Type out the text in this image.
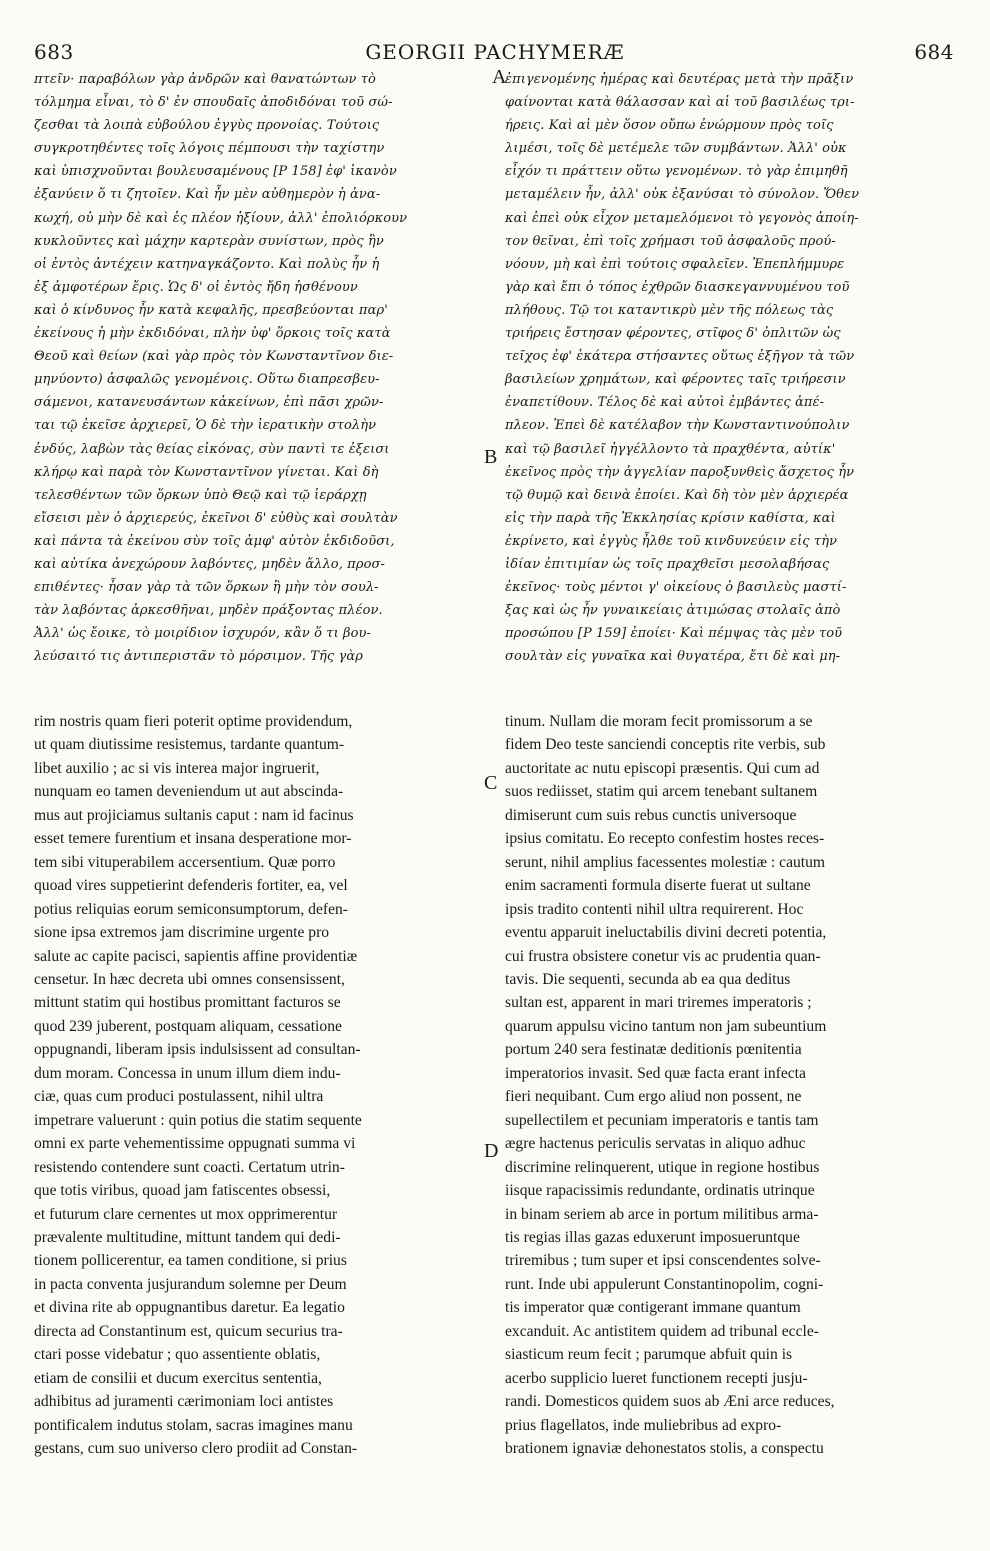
683	GEORGII PACHYMERÆ	684
πτεῖν· παραβόλων γὰρ ἀνδρῶν καὶ θανατώντων τὸ
τόλμημα εἶναι, τὸ δ' ἐν σπουδαῖς ἀποδιδόναι τοῦ σώ-
ζεσθαι τὰ λοιπὰ εὐβούλου ἐγγὺς προνοίας. Τούτοις
συγκροτηθέντες τοῖς λόγοις πέμπουσι τὴν ταχίστην
καὶ ὑπισχνοῦνται βουλευσαμένους [P 158] ἐφ' ἱκανὸν
ἐξανύειν ὅ τι ζητοῖεν. Καὶ ἦν μὲν αὐθημερὸν ἡ ἀνα-
κωχή, οὐ μὴν δὲ καὶ ἐς πλέον ἠξίουν, ἀλλ' ἐπολιόρκουν
κυκλοῦντες καὶ μάχην καρτερὰν συνίστων, πρὸς ἣν
οἱ ἐντὸς ἀντέχειν κατηναγκάζοντο. Καὶ πολὺς ἦν ἡ
ἐξ ἀμφοτέρων ἔρις. Ὡς δ' οἱ ἐντὸς ἤδη ἠσθένουν
καὶ ὁ κίνδυνος ἦν κατὰ κεφαλῆς, πρεσβεύονται παρ'
ἐκείνους ἡ μὴν ἐκδιδόναι, πλὴν ὑφ' ὅρκοις τοῖς κατὰ
Θεοῦ καὶ θείων (καὶ γὰρ πρὸς τὸν Κωνσταντῖνον διε-
μηνύοντο) ἀσφαλῶς γενομένοις. Οὕτω διαπρεσβευ-
σάμενοι, κατανευσάντων κἀκείνων, ἐπὶ πᾶσι χρῶν-
ται τῷ ἐκεῖσε ἀρχιερεῖ, Ὁ δὲ τὴν ἱερατικὴν στολὴν
ἐνδύς, λαβὼν τὰς θείας εἰκόνας, σὺν παντὶ τε ἐξεισι
κλήρῳ καὶ παρὰ τὸν Κωνσταντῖνον γίνεται. Καὶ δὴ
τελεσθέντων τῶν ὅρκων ὑπὸ Θεῷ καὶ τῷ ἱεράρχῃ
εἴσεισι μὲν ὁ ἀρχιερεύς, ἐκεῖνοι δ' εὐθὺς καὶ σουλτὰν
καὶ πάντα τὰ ἐκείνου σὺν τοῖς ἀμφ' αὐτὸν ἐκδιδοῦσι,
καὶ αὐτίκα ἀνεχώρουν λαβόντες, μηδὲν ἄλλο, προσ-
επιθέντες· ἦσαν γὰρ τὰ τῶν ὅρκων ἢ μὴν τὸν σουλ-
τὰν λαβόντας ἀρκεσθῆναι, μηδὲν πράξοντας πλέον.
Ἀλλ' ὡς ἔοικε, τὸ μοιρίδιον ἰσχυρόν, κἂν ὅ τι βου-
λεύσαιτό τις ἀντιπεριστᾶν τὸ μόρσιμον. Τῆς γὰρ
ἐπιγενομένης ἡμέρας καὶ δευτέρας μετὰ τὴν πρᾶξιν
φαίνονται κατὰ θάλασσαν καὶ αἱ τοῦ βασιλέως τρι-
ήρεις. Καὶ αἱ μὲν ὅσον οὔπω ἐνώρμουν πρὸς τοῖς
λιμέσι, τοῖς δὲ μετέμελε τῶν συμβάντων. Ἀλλ' οὐκ
εἶχόν τι πράττειν οὕτω γενομένων. τὸ γὰρ ἐπιμηθῆ
μεταμέλειν ἦν, ἀλλ' οὐκ ἐξανύσαι τὸ σύνολον. Ὅθεν
καὶ ἐπεὶ οὐκ εἶχον μεταμελόμενοι τὸ γεγονὸς ἀποίη-
τον θεῖναι, ἐπὶ τοῖς χρήμασι τοῦ ἀσφαλοῦς πρού-
νόουν, μὴ καὶ ἐπὶ τούτοις σφαλεῖεν. Ἐπεπλήμμυρε
γὰρ καὶ ἔπι ὁ τόπος ἐχθρῶν διασκεγαννυμένου τοῦ
πλήθους. Τῷ τοι καταντικρὺ μὲν τῆς πόλεως τὰς
τριήρεις ἔστησαν φέροντες, στῖφος δ' ὁπλιτῶν ὡς
τεῖχος ἐφ' ἑκάτερα στήσαντες οὕτως ἐξῆγον τὰ τῶν
βασιλείων χρημάτων, καὶ φέροντες ταῖς τριήρεσιν
ἐναπετίθουν. Τέλος δὲ καὶ αὐτοὶ ἐμβάντες ἀπέ-
πλεον. Ἐπεὶ δὲ κατέλαβον τὴν Κωνσταντινούπολιν
καὶ τῷ βασιλεῖ ἠγγέλλοντο τὰ πραχθέντα, αὐτίκ'
ἐκεῖνος πρὸς τὴν ἀγγελίαν παροξυνθεὶς ἄσχετος ἦν
τῷ θυμῷ καὶ δεινὰ ἐποίει. Καὶ δὴ τὸν μὲν ἀρχιερέα
εἰς τὴν παρὰ τῆς Ἐκκλησίας κρίσιν καθίστα, καὶ
ἐκρίνετο, καὶ ἐγγὺς ἦλθε τοῦ κινδυνεύειν εἰς τὴν
ἰδίαν ἐπιτιμίαν ὡς τοῖς πραχθεῖσι μεσολαβήσας
ἐκεῖνος· τοὺς μέντοι γ' οἰκείους ὁ βασιλεὺς μαστί-
ξας καὶ ὡς ἦν γυναικείαις ἀτιμώσας στολαῖς ἀπὸ
προσώπου [P 159] ἐποίει· Καὶ πέμψας τὰς μὲν τοῦ
σουλτὰν εἰς γυναῖκα καὶ θυγατέρα, ἔτι δὲ καὶ μη-
rim nostris quam fieri poterit optime providendum,
ut quam diutissime resistemus, tardante quantum-
libet auxilio ; ac si vis interea major ingruerit,
nunquam eo tamen deveniendum ut aut abscinda-
mus aut projiciamus sultanis caput : nam id facinus
esset temere furentium et insana desperatione mor-
tem sibi vituperabilem accersentium. Quæ porro
quoad vires suppetierint defenderis fortiter, ea, vel
potius reliquias eorum semiconsumptorum, defen-
sione ipsa extremos jam discrimine urgente pro
salute ac capite pacisci, sapientis affine providentiæ
censetur. In hæc decreta ubi omnes consensissent,
mittunt statim qui hostibus promittant facturos se
quod 239 juberent, postquam aliquam, cessatione
oppugnandi, liberam ipsis indulsissent ad consultan-
dum moram. Concessa in unum illum diem indu-
ciæ, quas cum produci postulassent, nihil ultra
impetrare valuerunt : quin potius die statim sequente
omni ex parte vehementissime oppugnati summa vi
resistendo contendere sunt coacti. Certatum utrin-
que totis viribus, quoad jam fatiscentes obsessi,
et futurum clare cernentes ut mox opprimerentur
prævalente multitudine, mittunt tandem qui dedi-
tionem pollicerentur, ea tamen conditione, si prius
in pacta conventa jusjurandum solemne per Deum
et divina rite ab oppugnantibus daretur. Ea legatio
directa ad Constantinum est, quicum securius tra-
ctari posse videbatur ; quo assentiente oblatis,
etiam de consilii et ducum exercitus sententia,
adhibitus ad juramenti cærimoniam loci antistes
pontificalem indutus stolam, sacras imagines manu
gestans, cum suo universo clero prodiit ad Constan-
tinum. Nullam die moram fecit promissorum a se
fidem Deo teste sanciendi conceptis rite verbis, sub
auctoritate ac nutu episcopi præsentis. Qui cum ad
suos rediisset, statim qui arcem tenebant sultanem
dimiserunt cum suis rebus cunctis universoque
ipsius comitatu. Eo recepto confestim hostes reces-
serunt, nihil amplius facessentes molestiæ : cautum
enim sacramenti formula diserte fuerat ut sultane
ipsis tradito contenti nihil ultra requirerent. Hoc
eventu apparuit ineluctabilis divini decreti potentia,
cui frustra obsistere conetur vis ac prudentia quan-
tavis. Die sequenti, secunda ab ea qua deditus
sultan est, apparent in mari triremes imperatoris ;
quarum appulsu vicino tantum non jam subeuntium
portum 240 sera festinatæ deditionis pœnitentia
imperatorios invasit. Sed quæ facta erant infecta
fieri nequibant. Cum ergo aliud non possent, ne
supellectilem et pecuniam imperatoris e tantis tam
ægre hactenus periculis servatas in aliquo adhuc
discrimine relinquerent, utique in regione hostibus
iisque rapacissimis redundante, ordinatis utrinque
in binam seriem ab arce in portum militibus arma-
tis regias illas gazas eduxerunt imposueruntque
triremibus ; tum super et ipsi conscendentes solve-
runt. Inde ubi appulerunt Constantinopolim, cogni-
tis imperator quæ contigerant immane quantum
excanduit. Ac antistitem quidem ad tribunal eccle-
siasticum reum fecit ; parumque abfuit quin is
acerbo supplicio lueret functionem recepti jusju-
randi. Domesticos quidem suos ab Æni arce reduces,
prius flagellatos, inde muliebribus ad expro-
brationem ignaviæ dehonestatos stolis, a conspectu
A
B
C
D
